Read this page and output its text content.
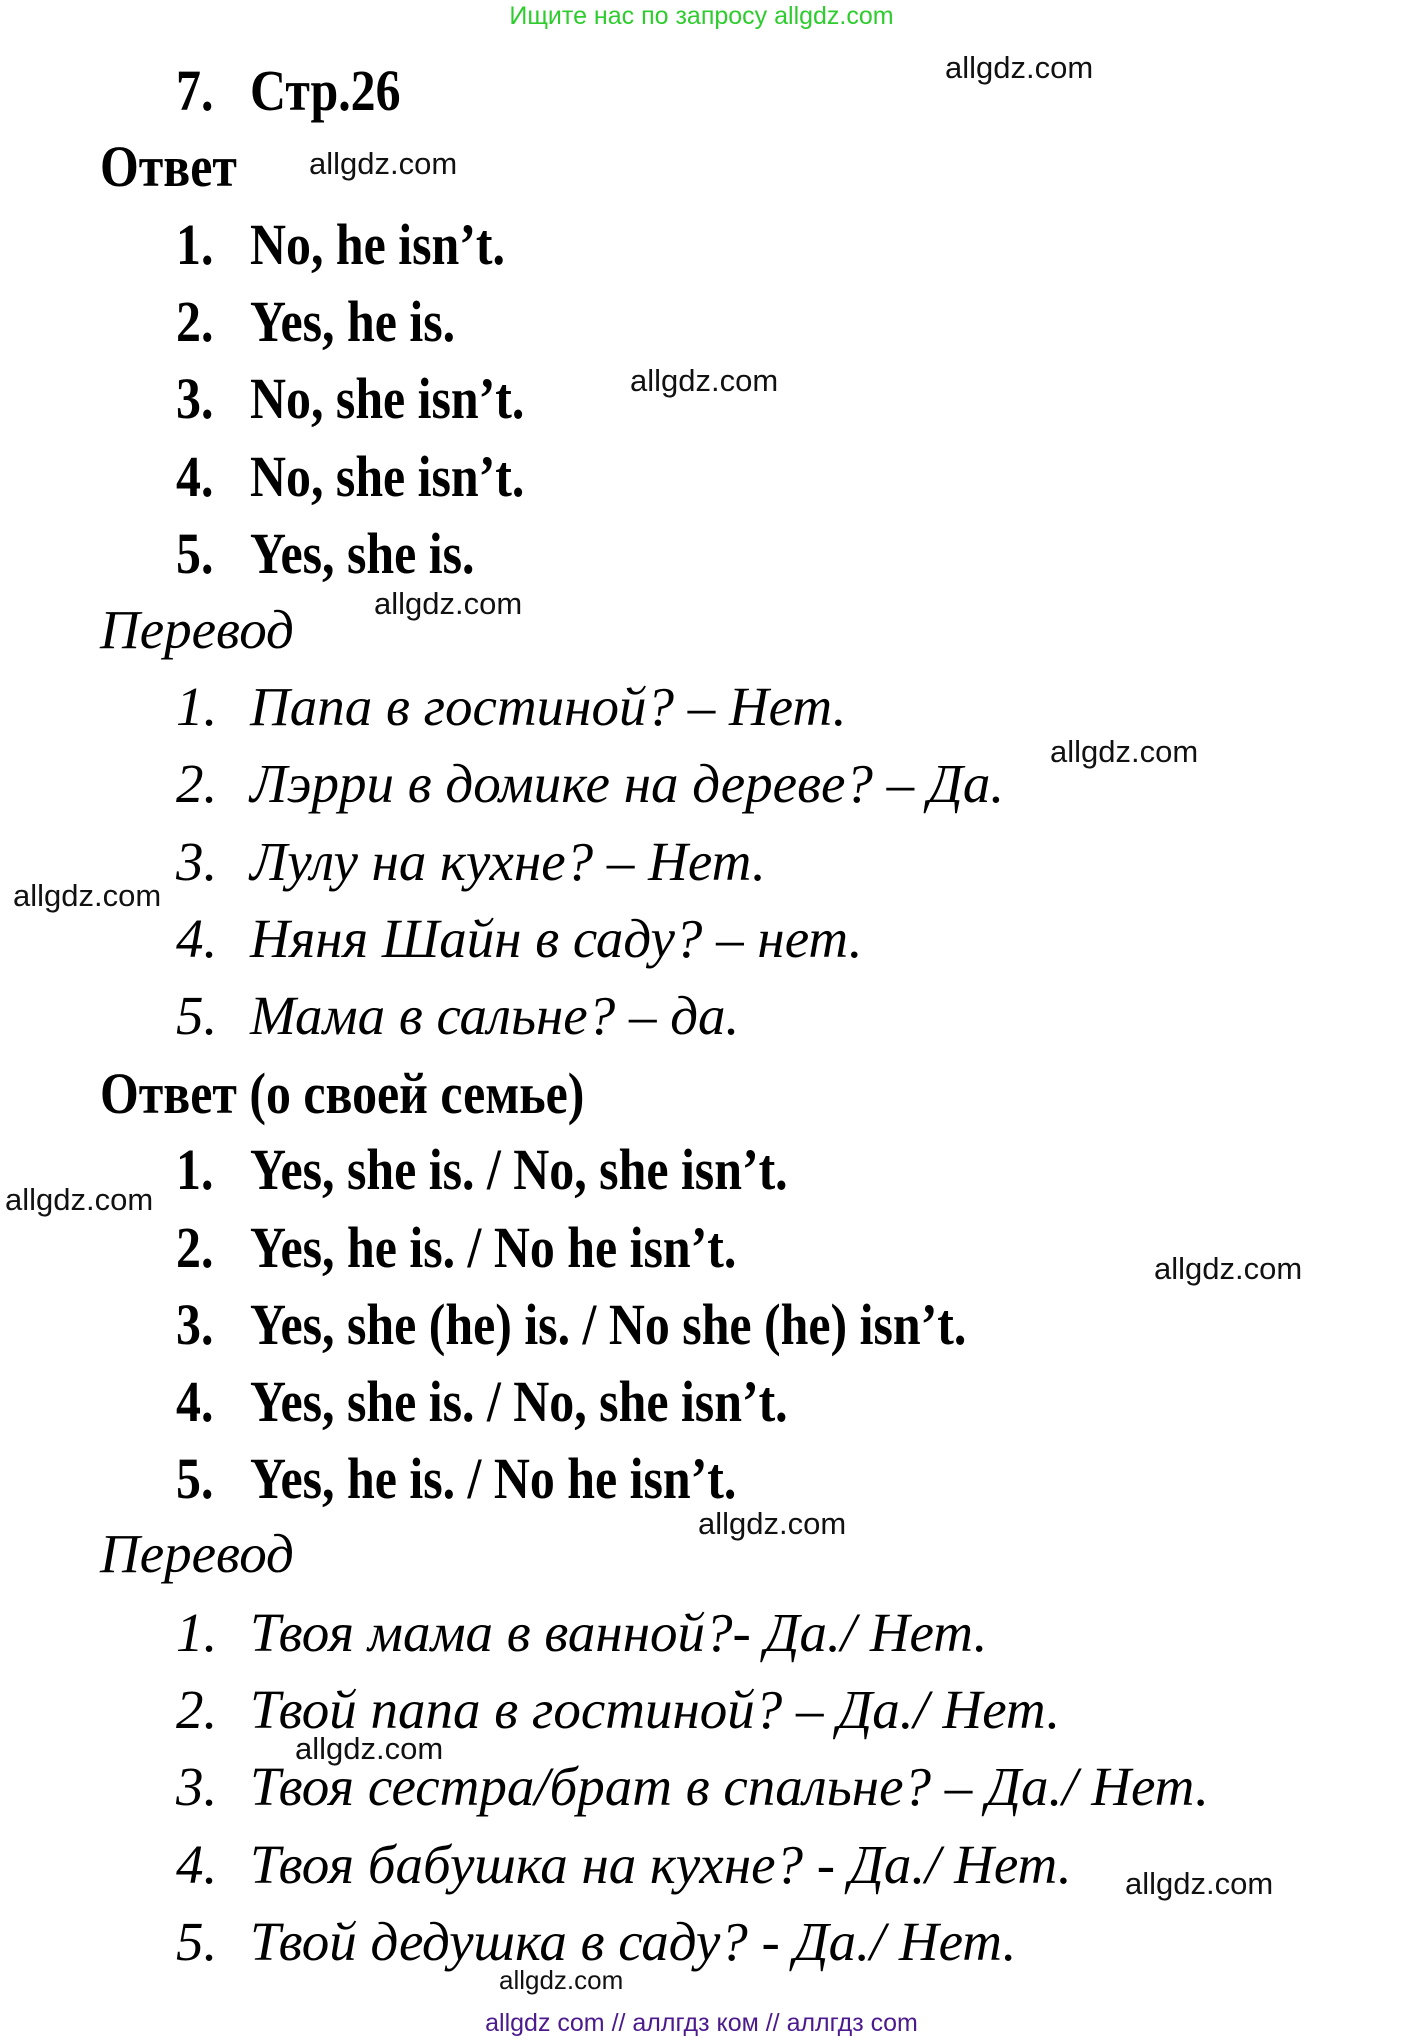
Ищите нас по запросу allgdz.com
7. Стр.26
Ответ
1. No, he isn’t.
2. Yes, he is.
3. No, she isn’t.
4. No, she isn’t.
5. Yes, she is.
Перевод
1. Папа в гостиной? – Нет.
2. Лэрри в домике на дереве? – Да.
3. Лулу на кухне? – Нет.
4. Няня Шайн в саду? – нет.
5. Мама в сальне? – да.
Ответ (о своей семье)
1. Yes, she is. / No, she isn’t.
2. Yes, he is. / No he isn’t.
3. Yes, she (he) is. / No she (he) isn’t.
4. Yes, she is. / No, she isn’t.
5. Yes, he is. / No he isn’t.
Перевод
1. Твоя мама в ванной?- Да./ Нет.
2. Твой папа в гостиной? – Да./ Нет.
3. Твоя сестра/брат в спальне? – Да./ Нет.
4. Твоя бабушка на кухне? - Да./ Нет.
5. Твой дедушка в саду? - Да./ Нет.
allgdz.com
allgdz.com
allgdz.com
allgdz.com
allgdz.com
allgdz.com
allgdz.com
allgdz.com
allgdz.com
allgdz.com
allgdz.com
allgdz.com
allgdz com // аллгдз ком // аллгдз com
